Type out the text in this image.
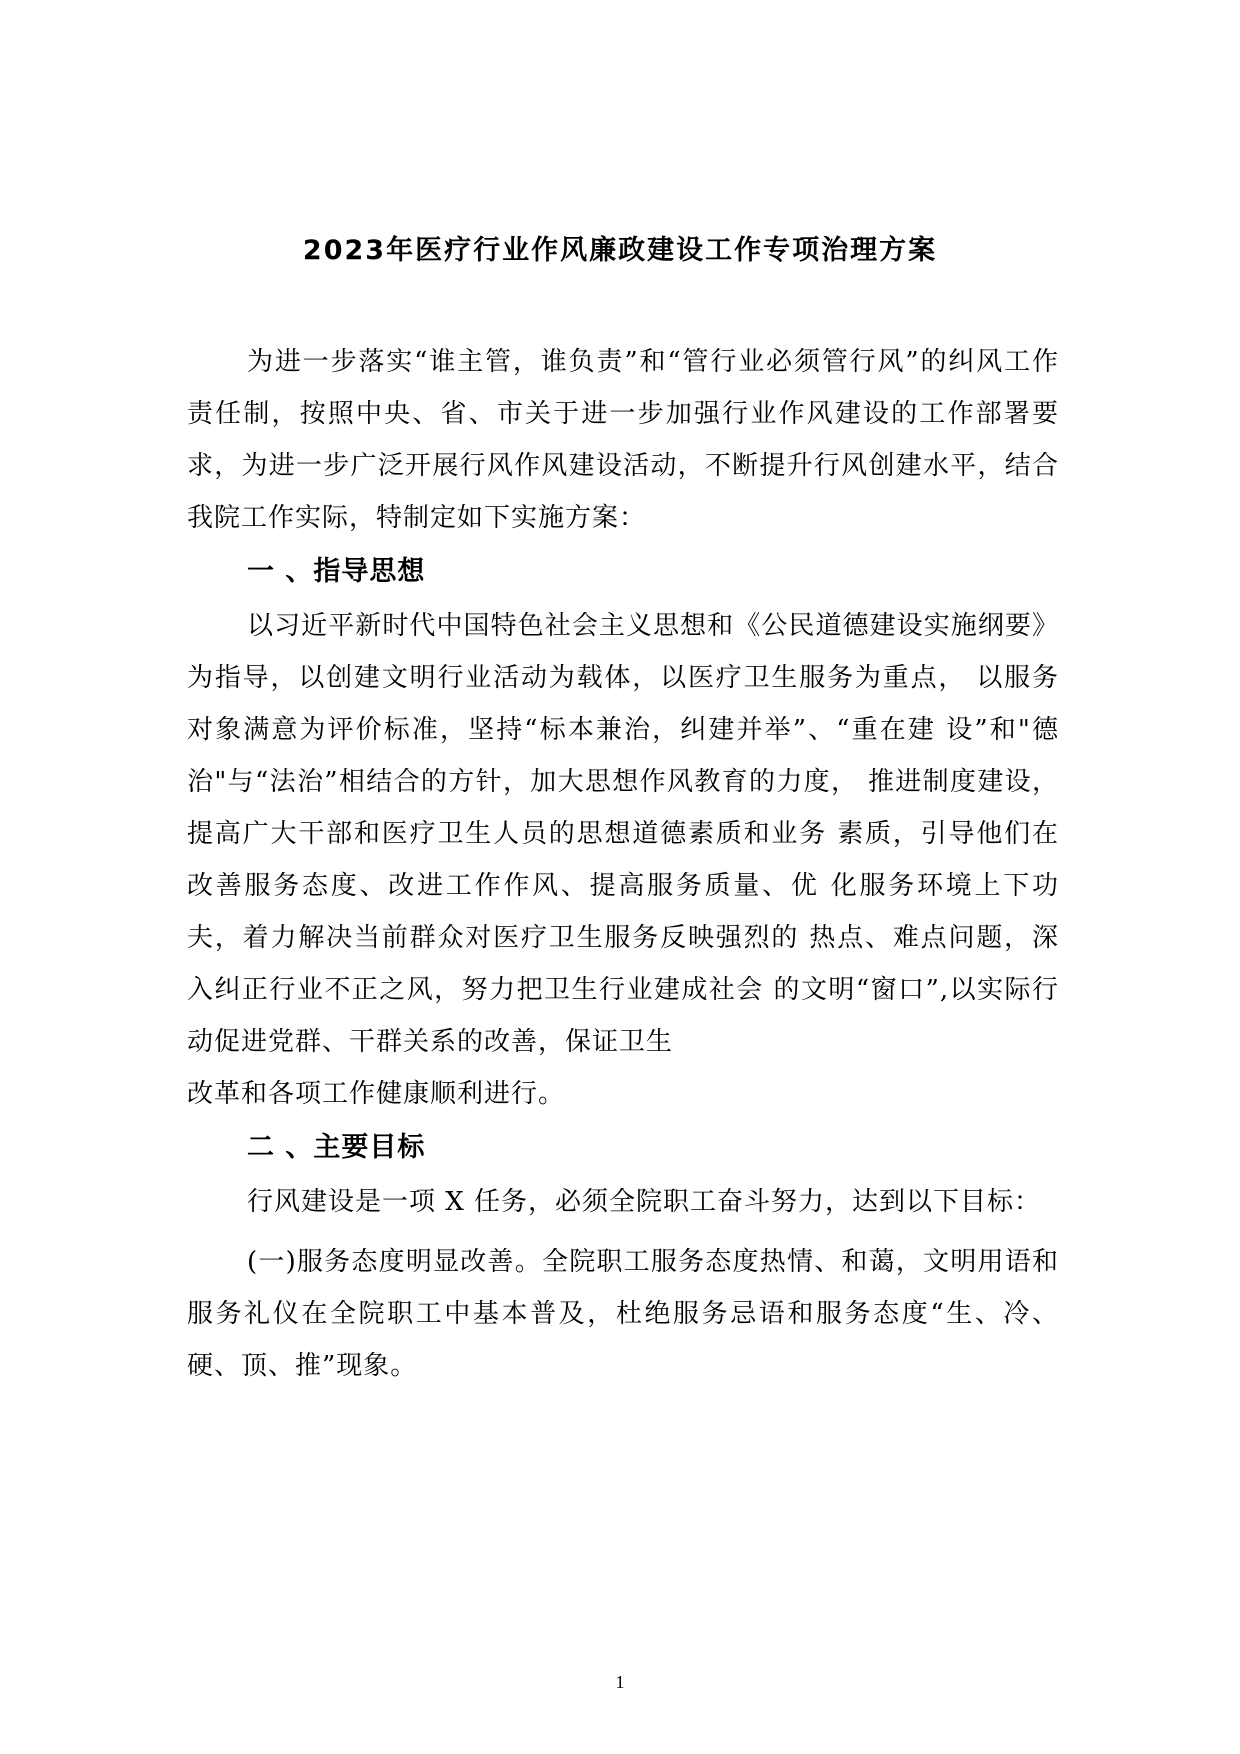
2023年医疗行业作风廉政建设工作专项治理方案

为进一步落实“谁主管，谁负责”和“管行业必须管行风”的纠风工作责任制，按照中央、省、市关于进一步加强行业作风建设的工作部署要求，为进一步广泛开展行风作风建设活动，不断提升行风创建水平，结合我院工作实际，特制定如下实施方案：

一 、指导思想

以习近平新时代中国特色社会主义思想和《公民道德建设实施纲要》为指导，以创建文明行业活动为载体，以医疗卫生服务为重点， 以服务对象满意为评价标准，坚持“标本兼治，纠建并举”、“重在建 设”和"德治"与“法治”相结合的方针，加大思想作风教育的力度， 推进制度建设，提高广大干部和医疗卫生人员的思想道德素质和业务 素质，引导他们在改善服务态度、改进工作作风、提高服务质量、优 化服务环境上下功夫，着力解决当前群众对医疗卫生服务反映强烈的 热点、难点问题，深入纠正行业不正之风，努力把卫生行业建成社会 的文明“窗口”,以实际行动促进党群、干群关系的改善，保证卫生

改革和各项工作健康顺利进行。

二 、主要目标

行风建设是一项 X 任务，必须全院职工奋斗努力，达到以下目标：

(一)服务态度明显改善。全院职工服务态度热情、和蔼，文明用语和服务礼仪在全院职工中基本普及，杜绝服务忌语和服务态度“生、冷、硬、顶、推”现象。

1
